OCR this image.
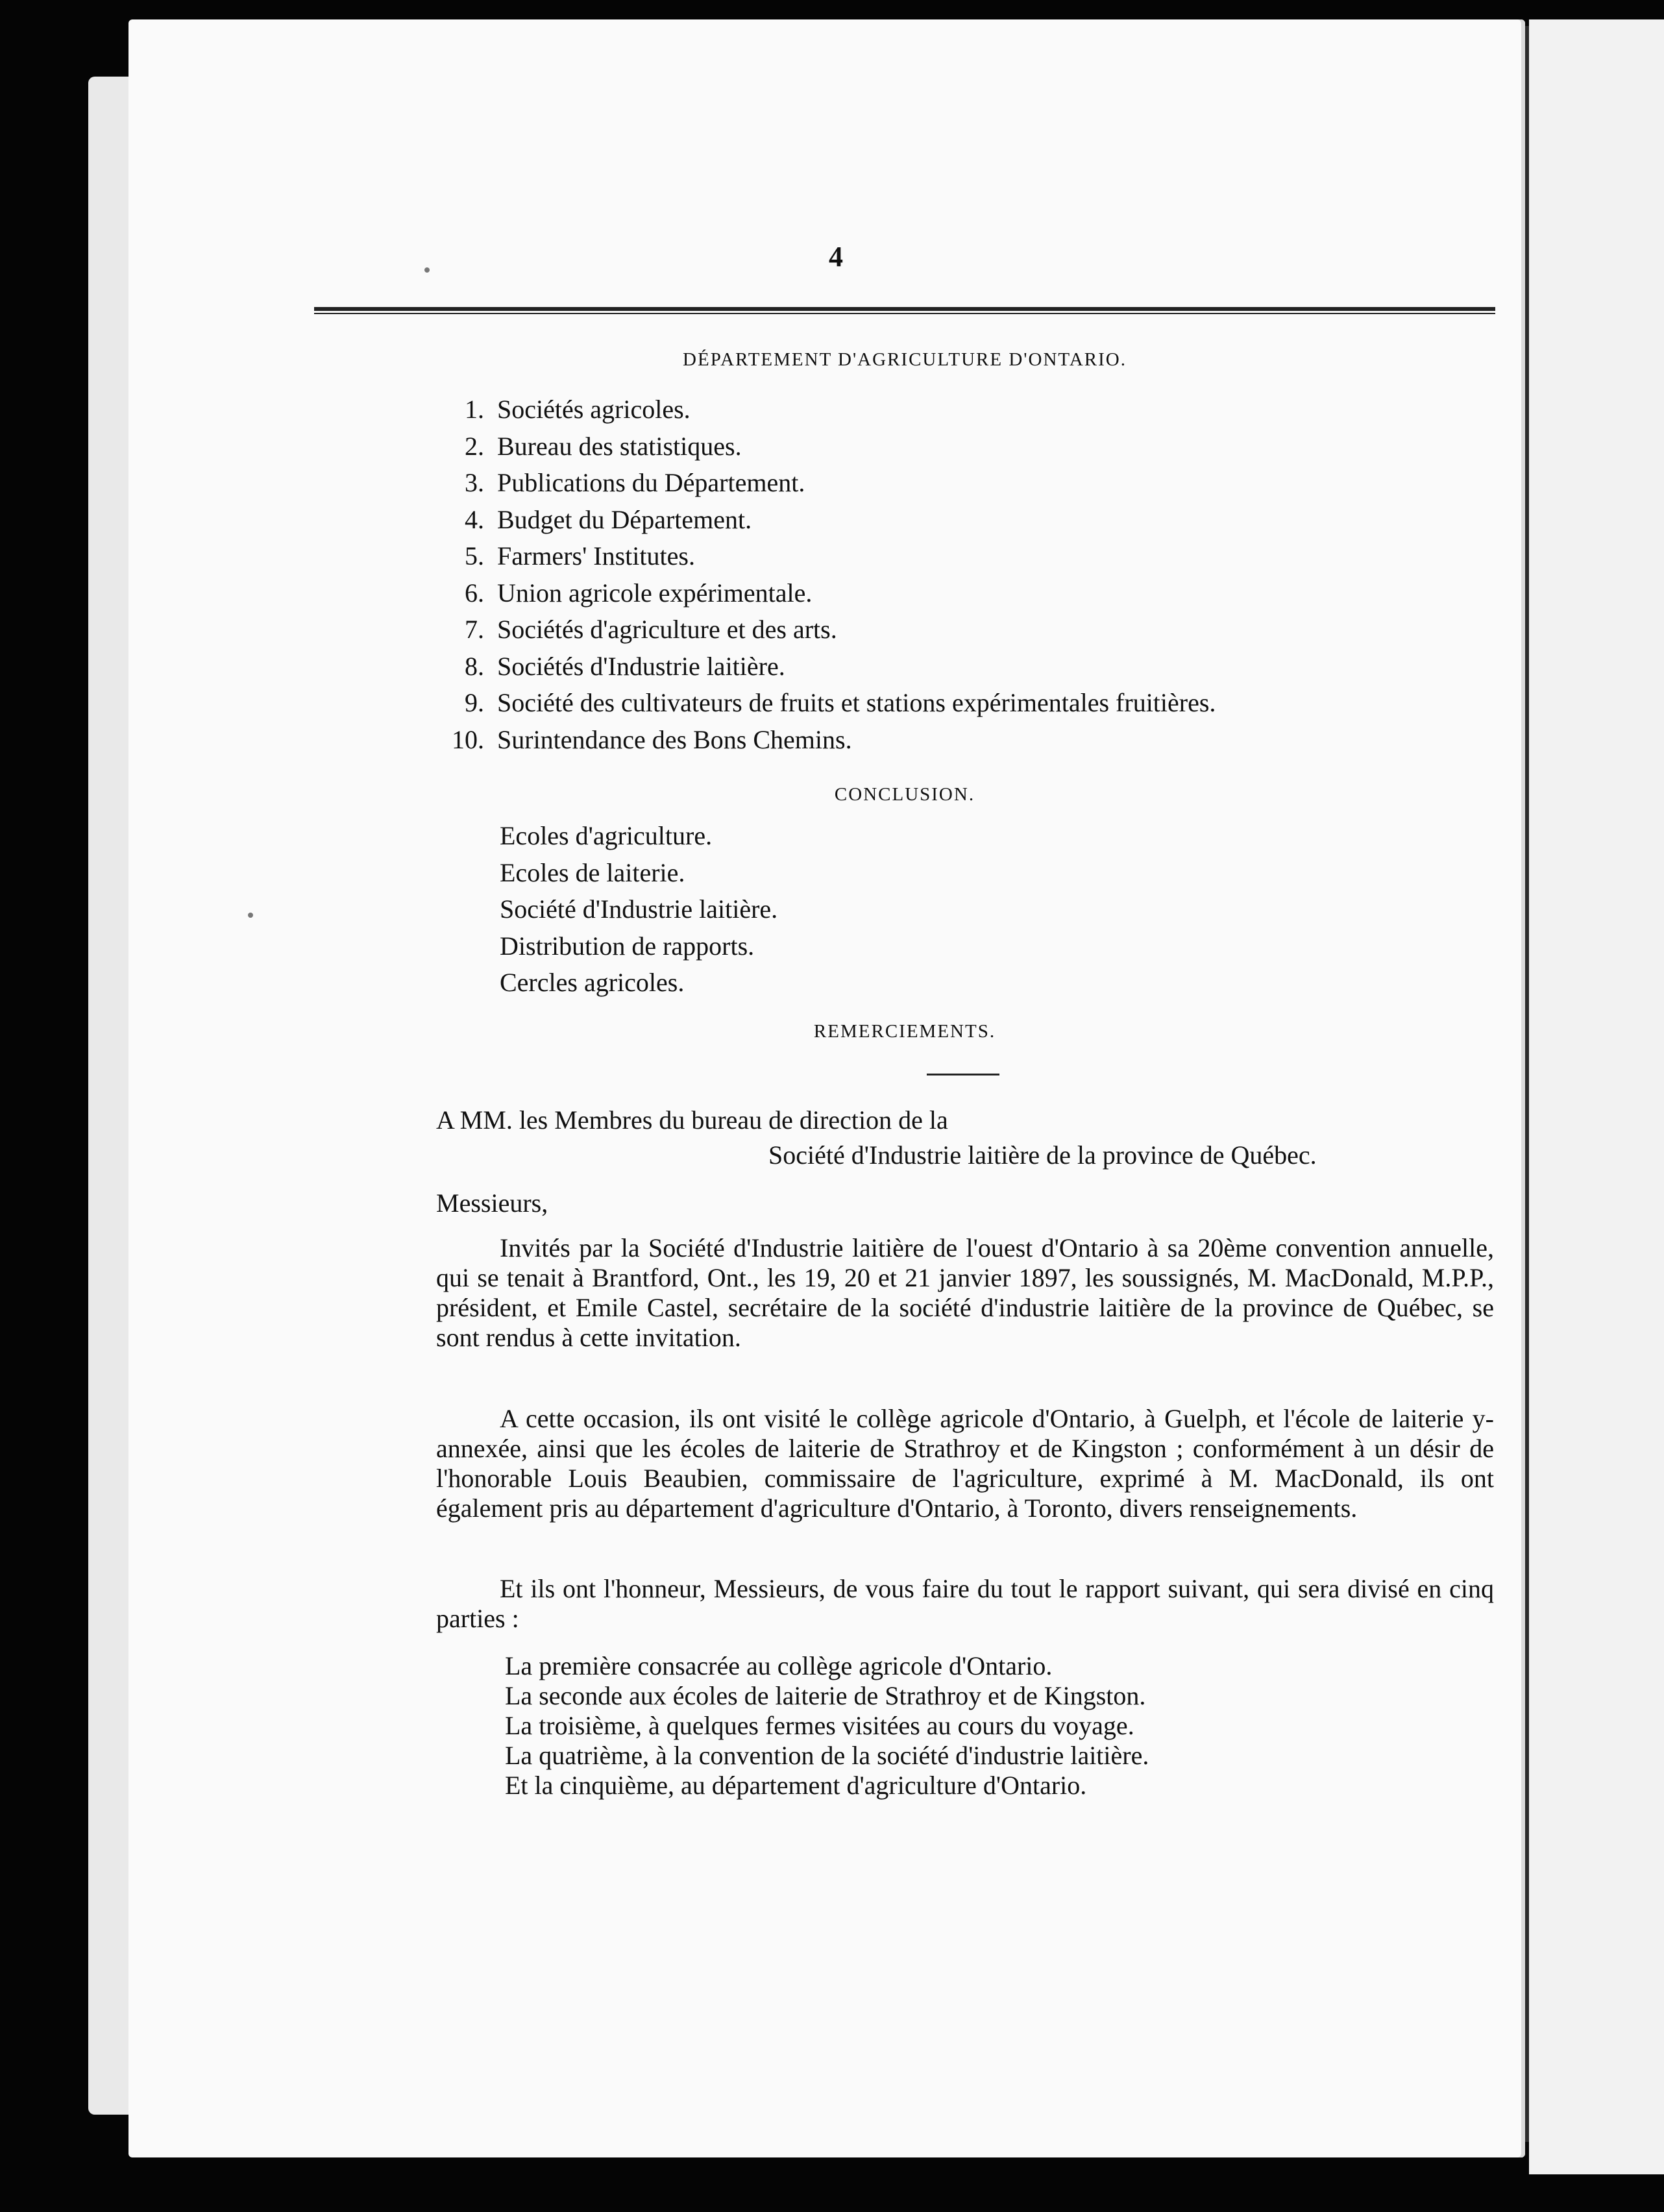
4
DÉPARTEMENT D'AGRICULTURE D'ONTARIO.
1. Sociétés agricoles.
2. Bureau des statistiques.
3. Publications du Département.
4. Budget du Département.
5. Farmers' Institutes.
6. Union agricole expérimentale.
7. Sociétés d'agriculture et des arts.
8. Sociétés d'Industrie laitière.
9. Société des cultivateurs de fruits et stations expérimentales fruitières.
10. Surintendance des Bons Chemins.
CONCLUSION.
Ecoles d'agriculture.
Ecoles de laiterie.
Société d'Industrie laitière.
Distribution de rapports.
Cercles agricoles.
REMERCIEMENTS.
A MM. les Membres du bureau de direction de la
Société d'Industrie laitière de la province de Québec.
Messieurs,
Invités par la Société d'Industrie laitière de l'ouest d'Ontario à sa 20ème convention annuelle, qui se tenait à Brantford, Ont., les 19, 20 et 21 janvier 1897, les soussignés, M. MacDonald, M.P.P., président, et Emile Castel, secrétaire de la société d'industrie laitière de la province de Québec, se sont rendus à cette invitation.
A cette occasion, ils ont visité le collège agricole d'Ontario, à Guelph, et l'école de laiterie y-annexée, ainsi que les écoles de laiterie de Strathroy et de Kingston ; conformément à un désir de l'honorable Louis Beaubien, commissaire de l'agriculture, exprimé à M. MacDonald, ils ont également pris au département d'agriculture d'Ontario, à Toronto, divers renseignements.
Et ils ont l'honneur, Messieurs, de vous faire du tout le rapport suivant, qui sera divisé en cinq parties :
La première consacrée au collège agricole d'Ontario.
La seconde aux écoles de laiterie de Strathroy et de Kingston.
La troisième, à quelques fermes visitées au cours du voyage.
La quatrième, à la convention de la société d'industrie laitière.
Et la cinquième, au département d'agriculture d'Ontario.
